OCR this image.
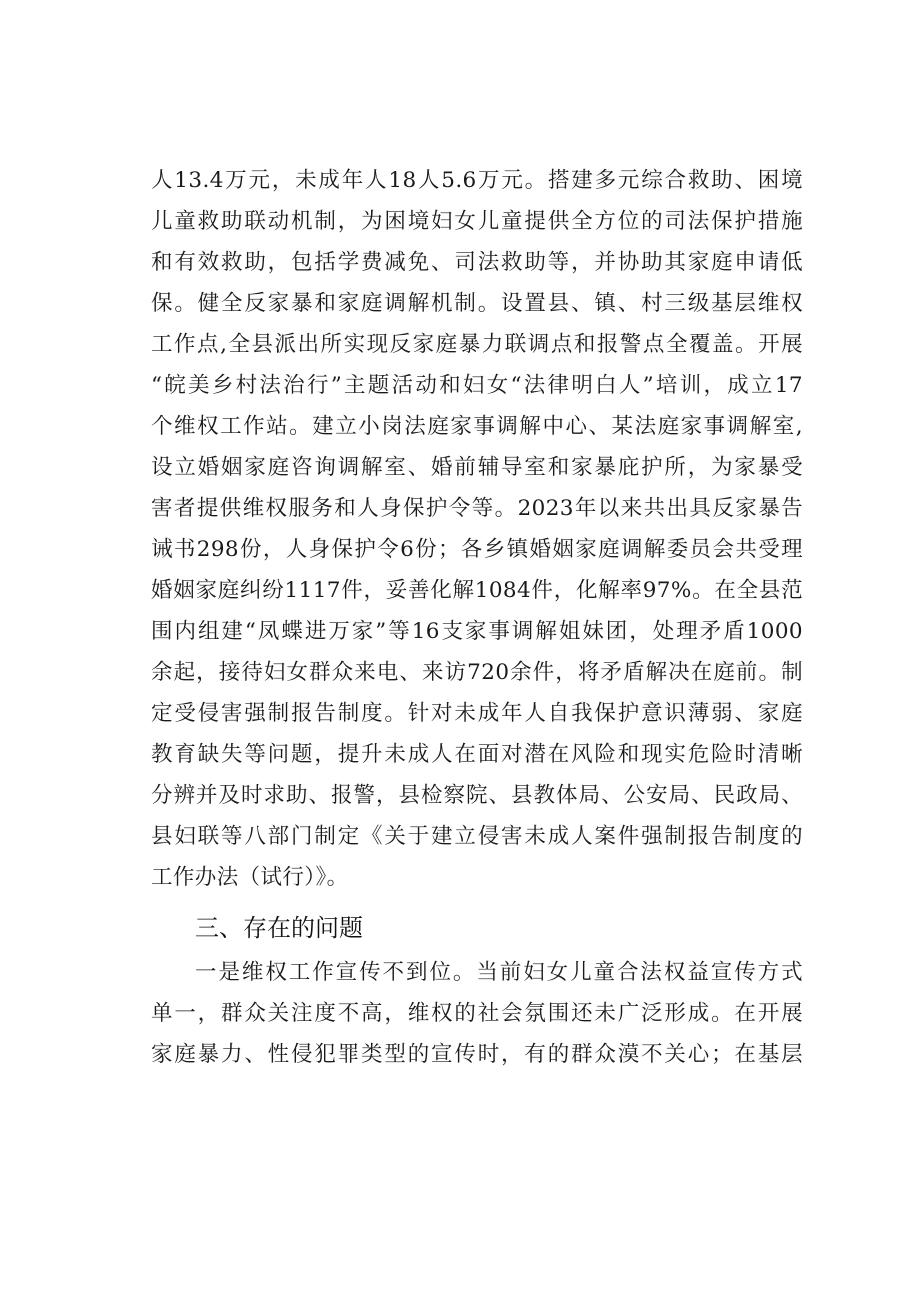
人13.4万元，未成年人18人5.6万元。搭建多元综合救助、困境
儿童救助联动机制，为困境妇女儿童提供全方位的司法保护措施
和有效救助，包括学费减免、司法救助等，并协助其家庭申请低
保。健全反家暴和家庭调解机制。设置县、镇、村三级基层维权
工作点,全县派出所实现反家庭暴力联调点和报警点全覆盖。开展
“皖美乡村法治行”主题活动和妇女“法律明白人”培训，成立17
个维权工作站。建立小岗法庭家事调解中心、某法庭家事调解室,
设立婚姻家庭咨询调解室、婚前辅导室和家暴庇护所，为家暴受
害者提供维权服务和人身保护令等。2023年以来共出具反家暴告
诫书298份，人身保护令6份；各乡镇婚姻家庭调解委员会共受理
婚姻家庭纠纷1117件，妥善化解1084件，化解率97%。在全县范
围内组建“凤蝶进万家”等16支家事调解姐妹团，处理矛盾1000
余起，接待妇女群众来电、来访720余件，将矛盾解决在庭前。制
定受侵害强制报告制度。针对未成年人自我保护意识薄弱、家庭
教育缺失等问题，提升未成人在面对潜在风险和现实危险时清晰
分辨并及时求助、报警，县检察院、县教体局、公安局、民政局、
县妇联等八部门制定《关于建立侵害未成人案件强制报告制度的
工作办法（试行）》。
三、存在的问题
一是维权工作宣传不到位。当前妇女儿童合法权益宣传方式
单一，群众关注度不高，维权的社会氛围还未广泛形成。在开展
家庭暴力、性侵犯罪类型的宣传时，有的群众漠不关心；在基层
